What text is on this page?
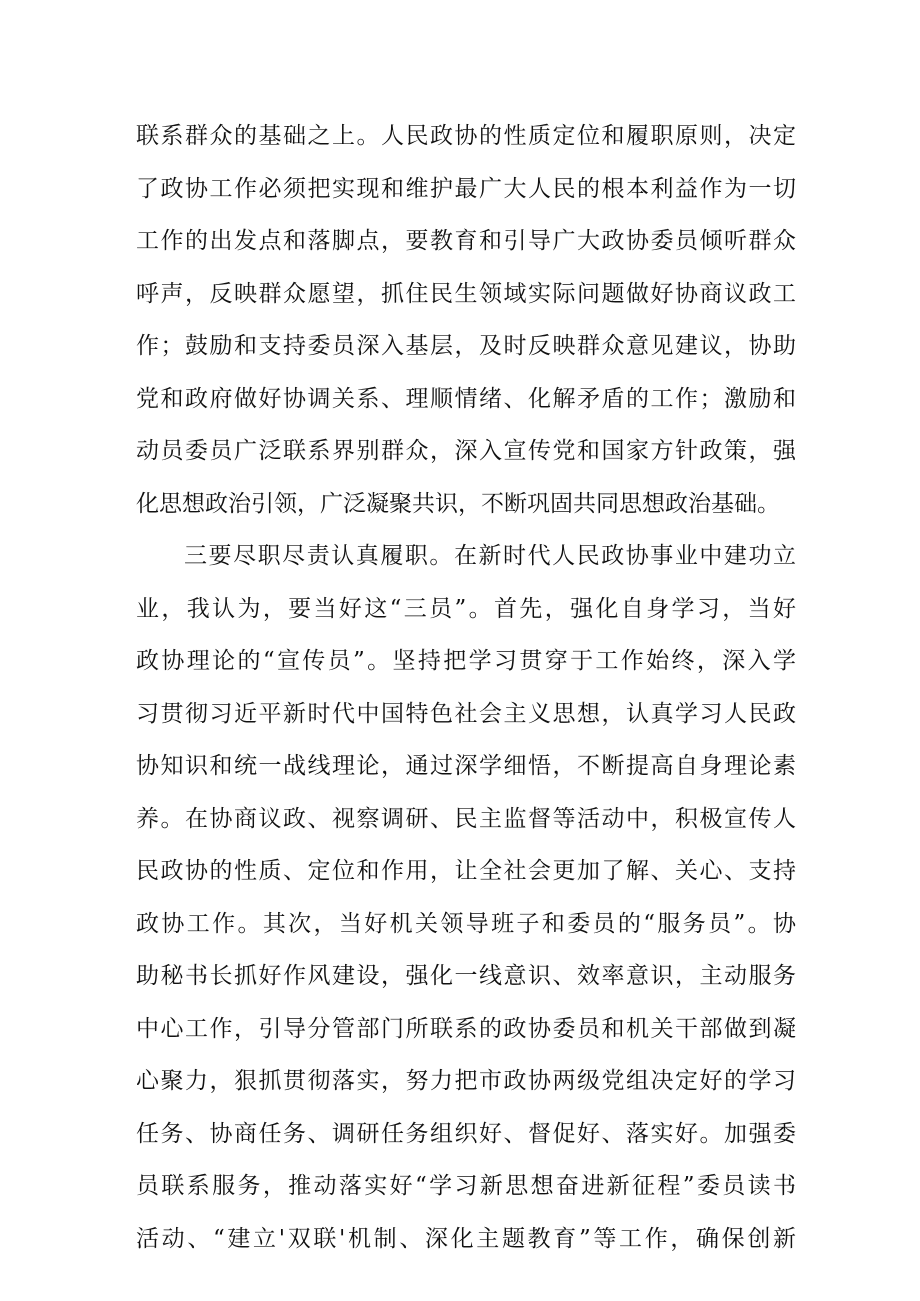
联系群众的基础之上。人民政协的性质定位和履职原则，决定
了政协工作必须把实现和维护最广大人民的根本利益作为一切
工作的出发点和落脚点，要教育和引导广大政协委员倾听群众
呼声，反映群众愿望，抓住民生领域实际问题做好协商议政工
作；鼓励和支持委员深入基层，及时反映群众意见建议，协助
党和政府做好协调关系、理顺情绪、化解矛盾的工作；激励和
动员委员广泛联系界别群众，深入宣传党和国家方针政策，强
化思想政治引领，广泛凝聚共识，不断巩固共同思想政治基础。
三要尽职尽责认真履职。在新时代人民政协事业中建功立
业，我认为，要当好这“三员”。首先，强化自身学习，当好
政协理论的“宣传员”。坚持把学习贯穿于工作始终，深入学
习贯彻习近平新时代中国特色社会主义思想，认真学习人民政
协知识和统一战线理论，通过深学细悟，不断提高自身理论素
养。在协商议政、视察调研、民主监督等活动中，积极宣传人
民政协的性质、定位和作用，让全社会更加了解、关心、支持
政协工作。其次，当好机关领导班子和委员的“服务员”。协
助秘书长抓好作风建设，强化一线意识、效率意识，主动服务
中心工作，引导分管部门所联系的政协委员和机关干部做到凝
心聚力，狠抓贯彻落实，努力把市政协两级党组决定好的学习
任务、协商任务、调研任务组织好、督促好、落实好。加强委
员联系服务，推动落实好“学习新思想奋进新征程”委员读书
活动、“建立'双联'机制、深化主题教育”等工作，确保创新
